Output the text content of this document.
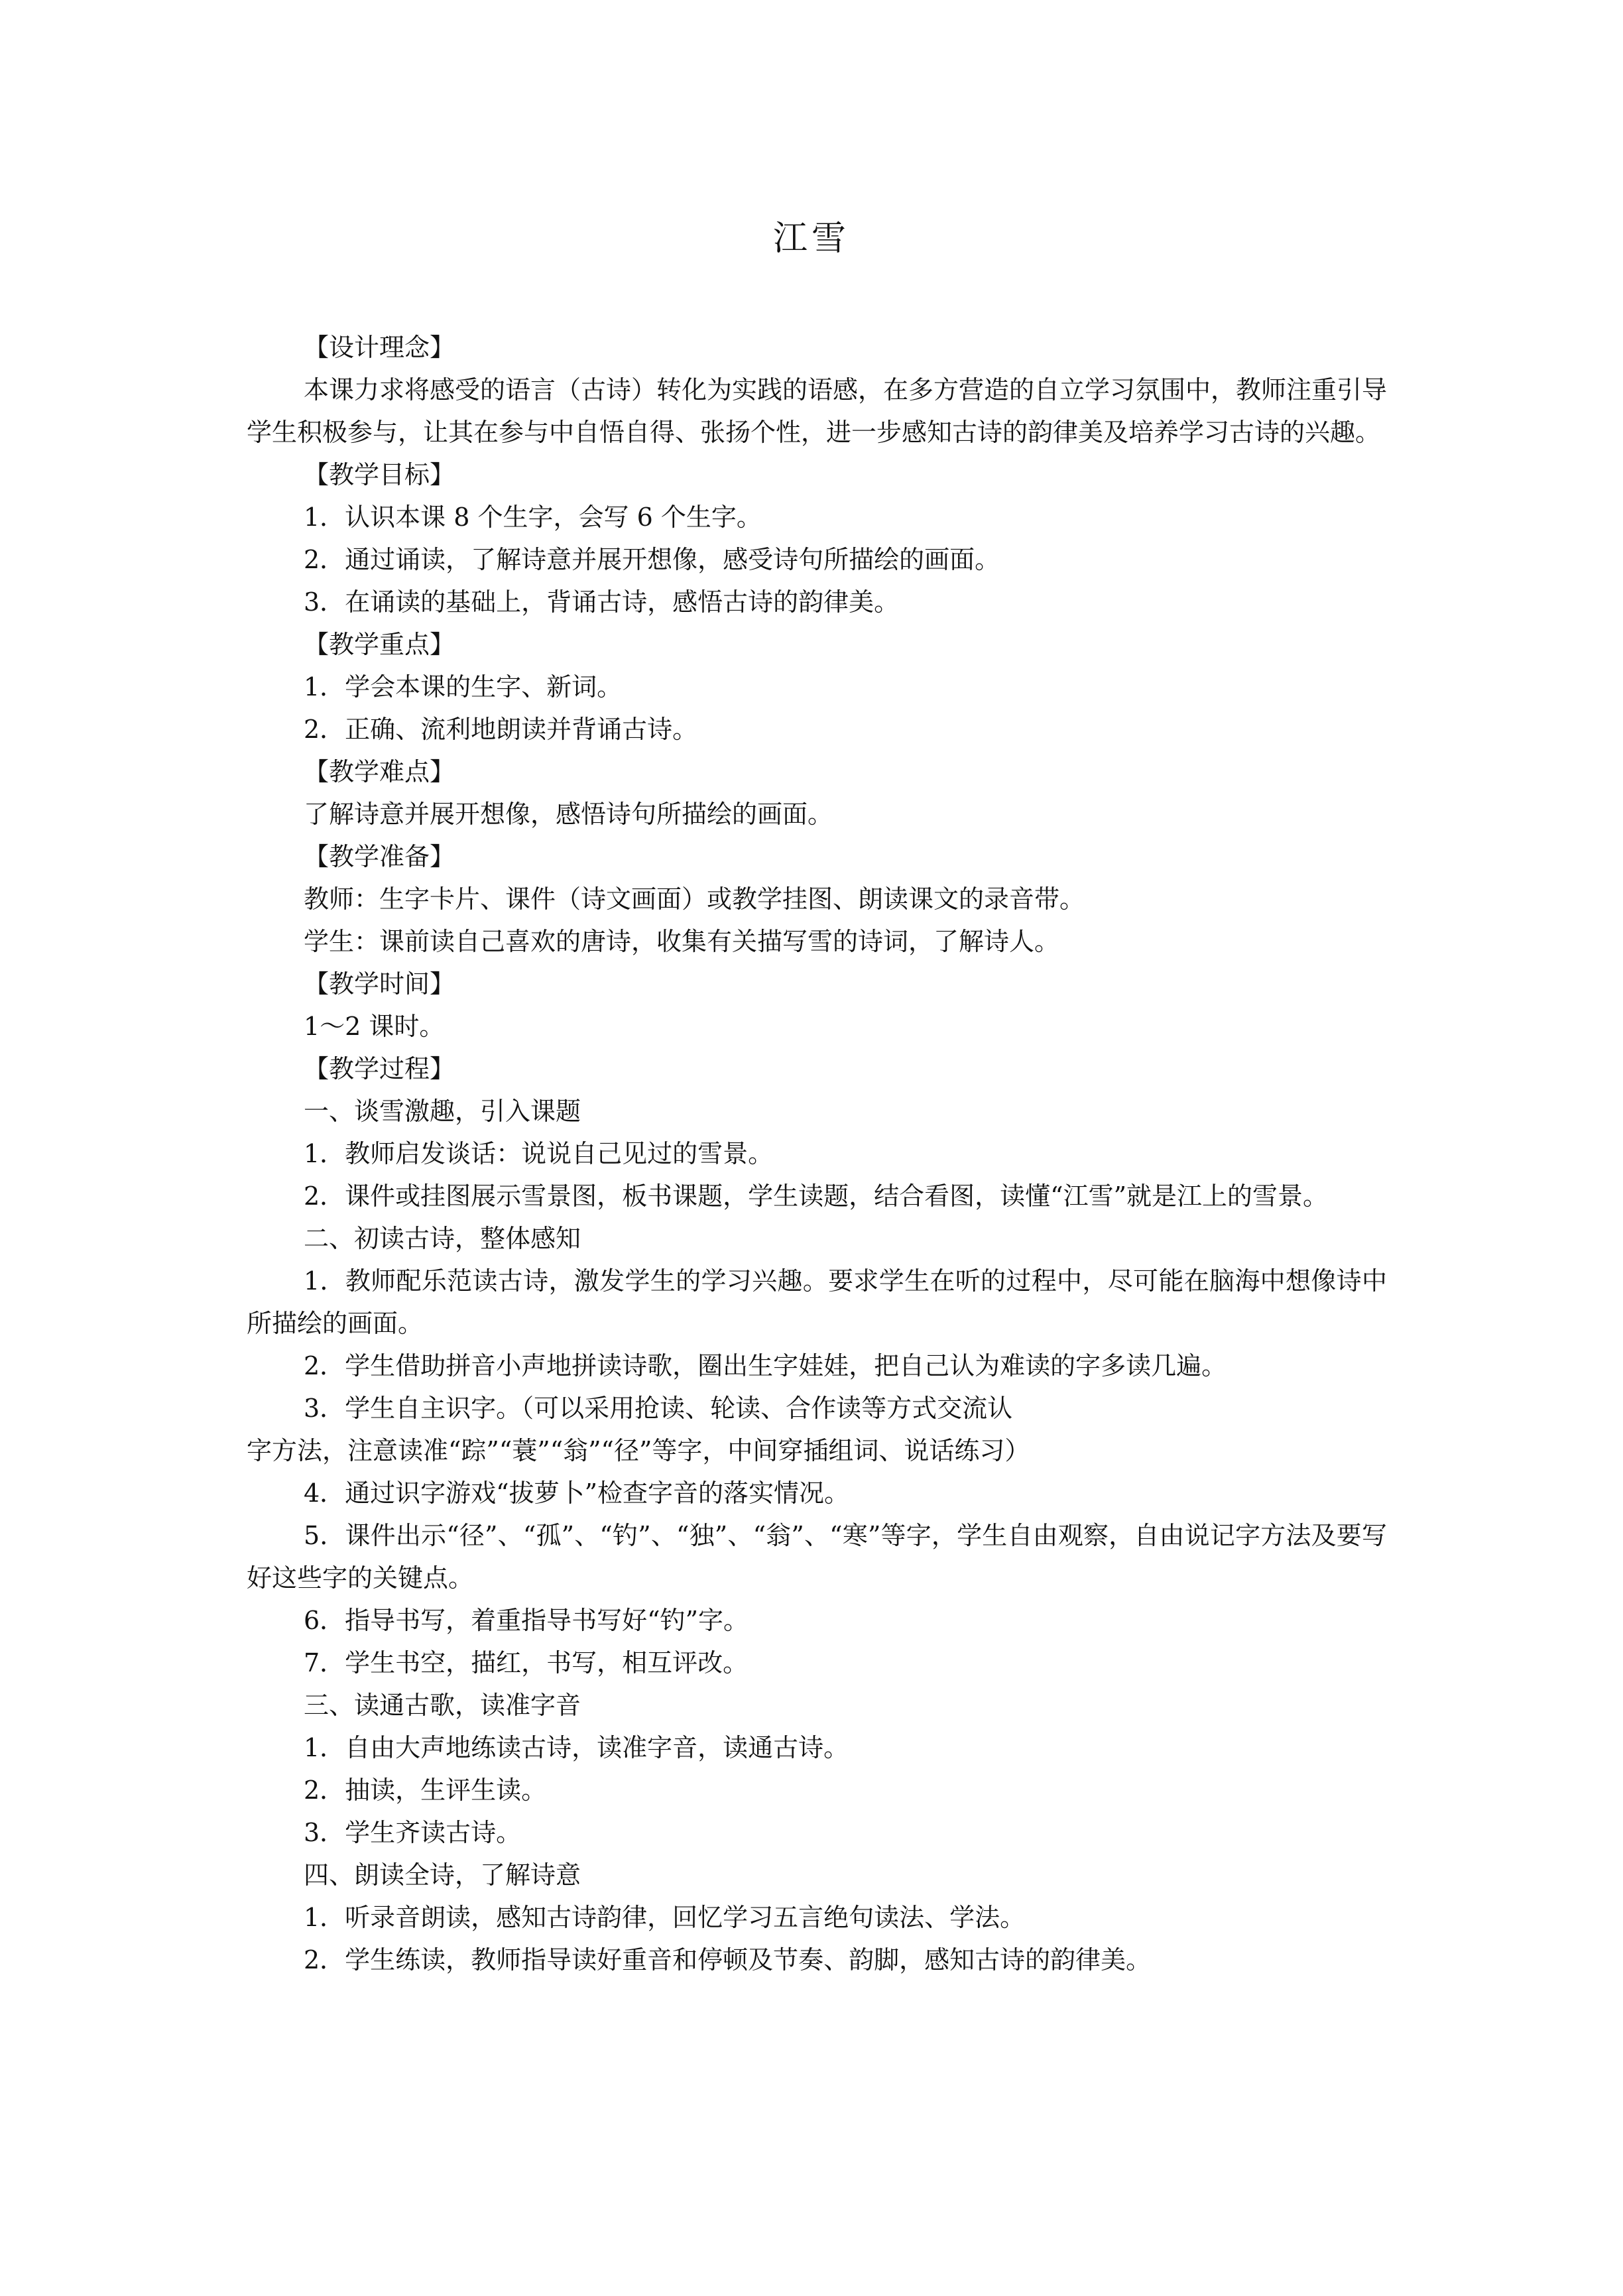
江雪

【设计理念】

本课力求将感受的语言（古诗）转化为实践的语感，在多方营造的自立学习氛围中，教师注重引导学生积极参与，让其在参与中自悟自得、张扬个性，进一步感知古诗的韵律美及培养学习古诗的兴趣。

【教学目标】

1．认识本课 8 个生字，会写 6 个生字。

2．通过诵读，了解诗意并展开想像，感受诗句所描绘的画面。

3．在诵读的基础上，背诵古诗，感悟古诗的韵律美。

【教学重点】

1．学会本课的生字、新词。

2．正确、流利地朗读并背诵古诗。

【教学难点】

了解诗意并展开想像，感悟诗句所描绘的画面。

【教学准备】

教师：生字卡片、课件（诗文画面）或教学挂图、朗读课文的录音带。

学生：课前读自己喜欢的唐诗，收集有关描写雪的诗词，了解诗人。

【教学时间】

1～2 课时。

【教学过程】

一、谈雪激趣，引入课题

1．教师启发谈话：说说自己见过的雪景。

2．课件或挂图展示雪景图，板书课题，学生读题，结合看图，读懂“江雪”就是江上的雪景。

二、初读古诗，整体感知

1．教师配乐范读古诗，激发学生的学习兴趣。要求学生在听的过程中，尽可能在脑海中想像诗中所描绘的画面。

2．学生借助拼音小声地拼读诗歌，圈出生字娃娃，把自己认为难读的字多读几遍。

3．学生自主识字。（可以采用抢读、轮读、合作读等方式交流认

字方法，注意读准“踪”“蓑”“翁”“径”等字，中间穿插组词、说话练习）

4．通过识字游戏“拔萝卜”检查字音的落实情况。

5．课件出示“径”、“孤”、“钓”、“独”、“翁”、“寒”等字，学生自由观察，自由说记字方法及要写好这些字的关键点。

6．指导书写，着重指导书写好“钓”字。

7．学生书空，描红，书写，相互评改。

三、读通古歌，读准字音

1．自由大声地练读古诗，读准字音，读通古诗。

2．抽读，生评生读。

3．学生齐读古诗。

四、朗读全诗，了解诗意

1．听录音朗读，感知古诗韵律，回忆学习五言绝句读法、学法。

2．学生练读，教师指导读好重音和停顿及节奏、韵脚，感知古诗的韵律美。
